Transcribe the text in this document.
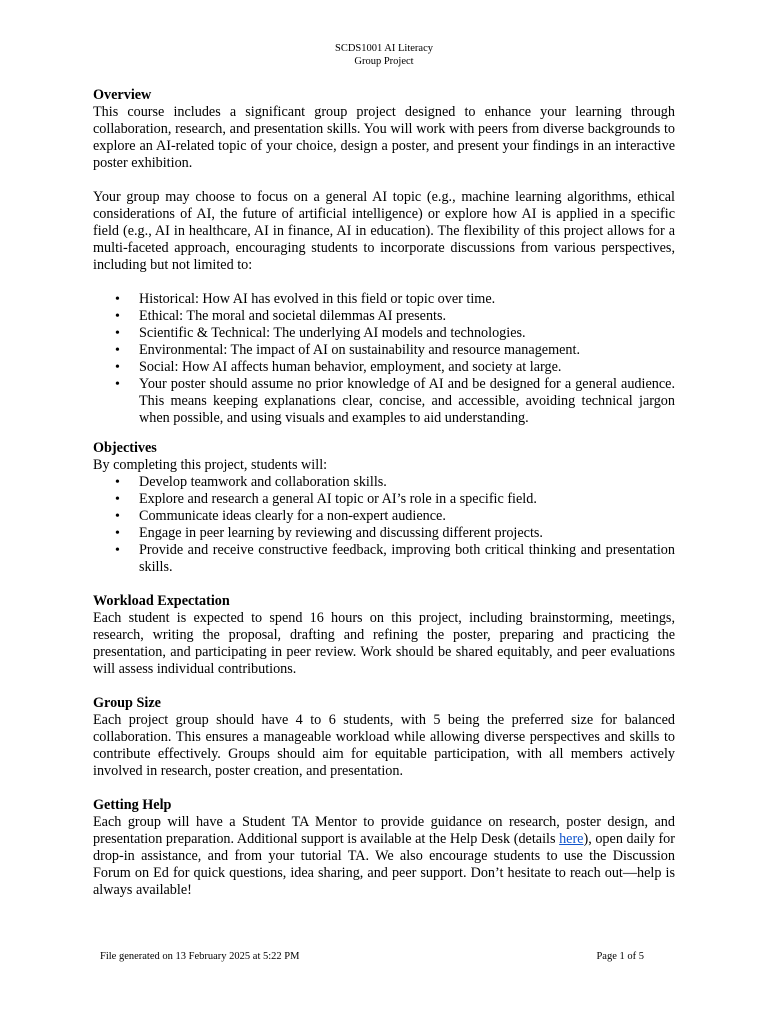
SCDS1001 AI Literacy
Group Project
Overview

This course includes a significant group project designed to enhance your learning through collaboration, research, and presentation skills. You will work with peers from diverse backgrounds to explore an AI-related topic of your choice, design a poster, and present your findings in an interactive poster exhibition.

Your group may choose to focus on a general AI topic (e.g., machine learning algorithms, ethical considerations of AI, the future of artificial intelligence) or explore how AI is applied in a specific field (e.g., AI in healthcare, AI in finance, AI in education). The flexibility of this project allows for a multi-faceted approach, encouraging students to incorporate discussions from various perspectives, including but not limited to:

• Historical: How AI has evolved in this field or topic over time.
• Ethical: The moral and societal dilemmas AI presents.
• Scientific & Technical: The underlying AI models and technologies.
• Environmental: The impact of AI on sustainability and resource management.
• Social: How AI affects human behavior, employment, and society at large.
• Your poster should assume no prior knowledge of AI and be designed for a general audience. This means keeping explanations clear, concise, and accessible, avoiding technical jargon when possible, and using visuals and examples to aid understanding.
Objectives

By completing this project, students will:

• Develop teamwork and collaboration skills.
• Explore and research a general AI topic or AI’s role in a specific field.
• Communicate ideas clearly for a non-expert audience.
• Engage in peer learning by reviewing and discussing different projects.
• Provide and receive constructive feedback, improving both critical thinking and presentation skills.
Workload Expectation

Each student is expected to spend 16 hours on this project, including brainstorming, meetings, research, writing the proposal, drafting and refining the poster, preparing and practicing the presentation, and participating in peer review. Work should be shared equitably, and peer evaluations will assess individual contributions.

Group Size

Each project group should have 4 to 6 students, with 5 being the preferred size for balanced collaboration. This ensures a manageable workload while allowing diverse perspectives and skills to contribute effectively. Groups should aim for equitable participation, with all members actively involved in research, poster creation, and presentation.

Getting Help

Each group will have a Student TA Mentor to provide guidance on research, poster design, and presentation preparation. Additional support is available at the Help Desk (details here), open daily for drop-in assistance, and from your tutorial TA. We also encourage students to use the Discussion Forum on Ed for quick questions, idea sharing, and peer support. Don’t hesitate to reach out—help is always available!

File generated on 13 February 2025 at 5:22 PM	Page 1 of 5
